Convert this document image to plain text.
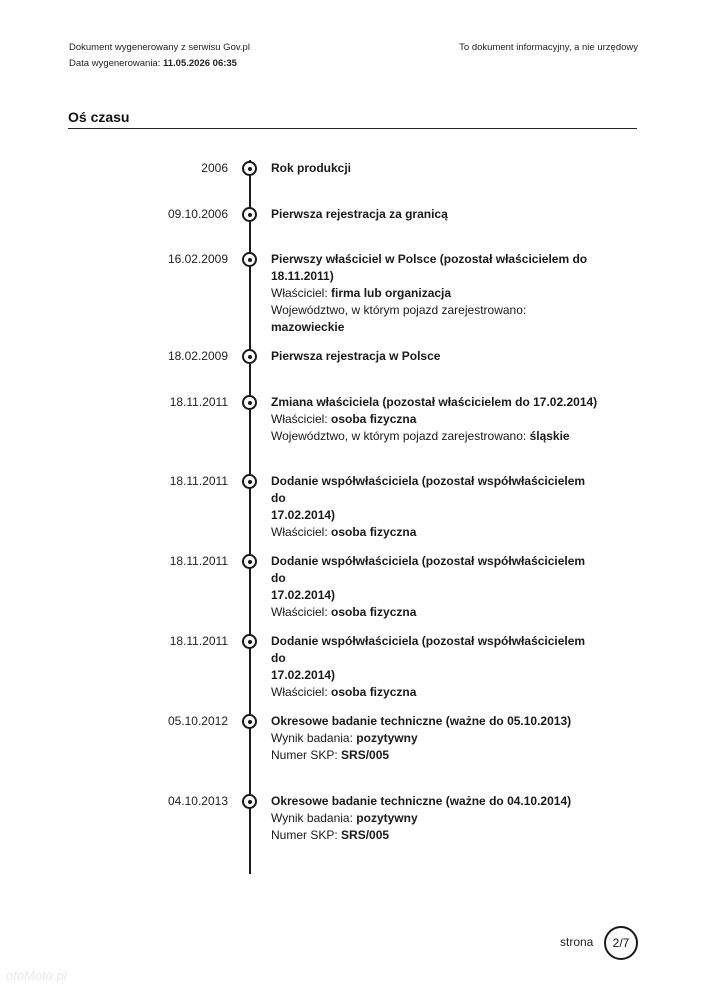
Dokument wygenerowany z serwisu Gov.pl
Data wygenerowania: 11.05.2026 06:35
To dokument informacyjny, a nie urzędowy
Oś czasu
2006	Rok produkcji
09.10.2006	Pierwsza rejestracja za granicą
16.02.2009	Pierwszy właściciel w Polsce (pozostał właścicielem do
18.11.2011)
Właściciel: firma lub organizacja
Województwo, w którym pojazd zarejestrowano: mazowieckie
18.02.2009	Pierwsza rejestracja w Polsce
18.11.2011	Zmiana właściciela (pozostał właścicielem do 17.02.2014)
Właściciel: osoba fizyczna
Województwo, w którym pojazd zarejestrowano: śląskie
18.11.2011	Dodanie współwłaściciela (pozostał współwłaścicielem do
17.02.2014)
Właściciel: osoba fizyczna
18.11.2011	Dodanie współwłaściciela (pozostał współwłaścicielem do
17.02.2014)
Właściciel: osoba fizyczna
18.11.2011	Dodanie współwłaściciela (pozostał współwłaścicielem do
17.02.2014)
Właściciel: osoba fizyczna
05.10.2012	Okresowe badanie techniczne (ważne do 05.10.2013)
Wynik badania: pozytywny
Numer SKP: SRS/005
04.10.2013	Okresowe badanie techniczne (ważne do 04.10.2014)
Wynik badania: pozytywny
Numer SKP: SRS/005
strona	2/7
otoMoto.pl
